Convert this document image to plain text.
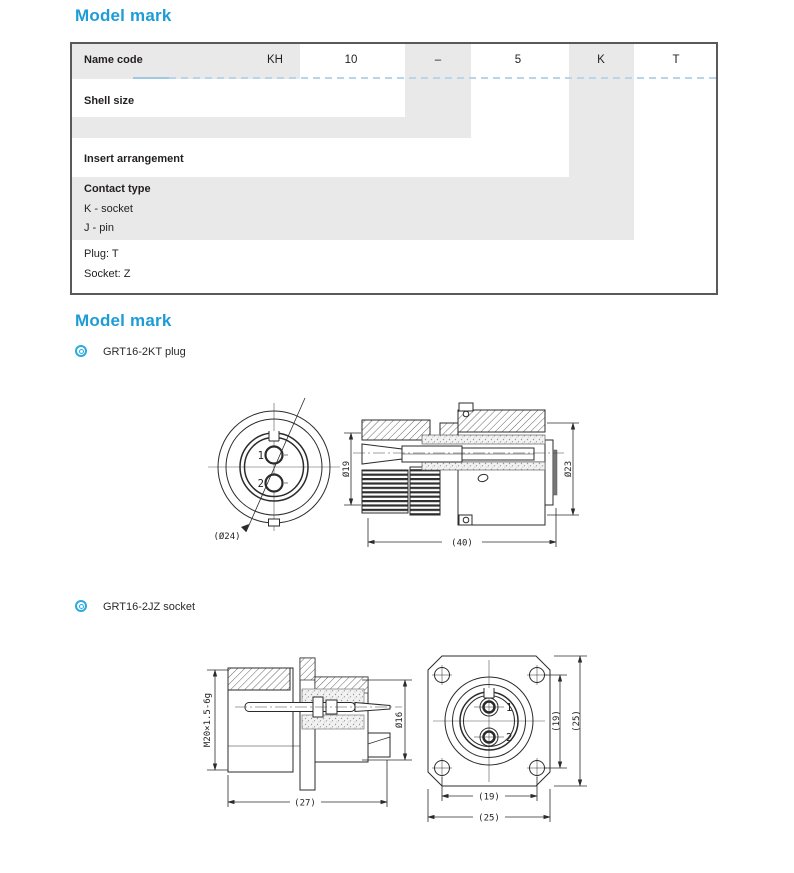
Model mark
Name code	KH	10	–	5	K	T
Shell size
Insert arrangement
Contact type
K - socket
J - pin
Plug: T
Socket: Z
Model mark
GRT16-2KT plug
1
2
(Ø24)
Ø19	Ø23
(40)
GRT16-2JZ socket
M20×1.5-6g	Ø16
(27)
1
2
(19) (25)
(19)
(25)
